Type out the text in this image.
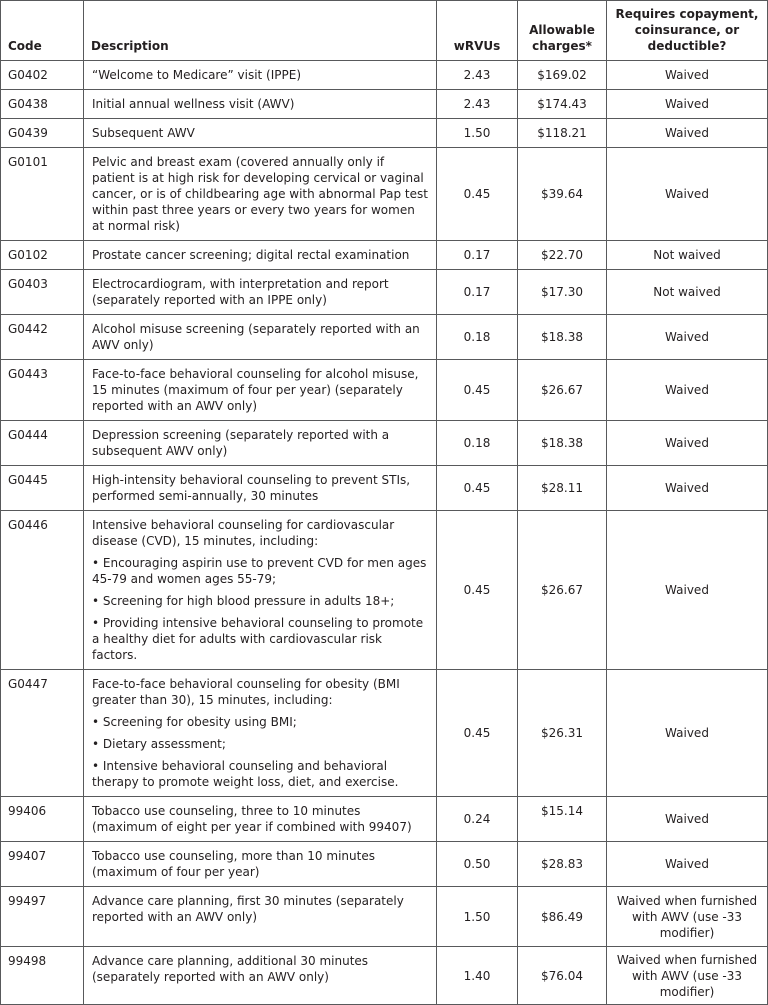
Code	Description	wRVUs	Allowable charges*	Requires copayment, coinsurance, or deductible?
G0402	“Welcome to Medicare” visit (IPPE)	2.43	$169.02	Waived
G0438	Initial annual wellness visit (AWV)	2.43	$174.43	Waived
G0439	Subsequent AWV	1.50	$118.21	Waived
G0101	Pelvic and breast exam (covered annually only if patient is at high risk for developing cervical or vaginal cancer, or is of childbearing age with abnormal Pap test within past three years or every two years for women at normal risk)	0.45	$39.64	Waived
G0102	Prostate cancer screening; digital rectal examination	0.17	$22.70	Not waived
G0403	Electrocardiogram, with interpretation and report (separately reported with an IPPE only)	0.17	$17.30	Not waived
G0442	Alcohol misuse screening (separately reported with an AWV only)	0.18	$18.38	Waived
G0443	Face-to-face behavioral counseling for alcohol misuse, 15 minutes (maximum of four per year) (separately reported with an AWV only)	0.45	$26.67	Waived
G0444	Depression screening (separately reported with a subsequent AWV only)	0.18	$18.38	Waived
G0445	High-intensity behavioral counseling to prevent STIs, performed semi-annually, 30 minutes	0.45	$28.11	Waived
G0446	Intensive behavioral counseling for cardiovascular disease (CVD), 15 minutes, including:
• Encouraging aspirin use to prevent CVD for men ages 45-79 and women ages 55-79;
• Screening for high blood pressure in adults 18+;
• Providing intensive behavioral counseling to promote a healthy diet for adults with cardiovascular risk factors.	0.45	$26.67	Waived
G0447	Face-to-face behavioral counseling for obesity (BMI greater than 30), 15 minutes, including:
• Screening for obesity using BMI;
• Dietary assessment;
• Intensive behavioral counseling and behavioral therapy to promote weight loss, diet, and exercise.	0.45	$26.31	Waived
99406	Tobacco use counseling, three to 10 minutes (maximum of eight per year if combined with 99407)	0.24	$15.14	Waived
99407	Tobacco use counseling, more than 10 minutes (maximum of four per year)	0.50	$28.83	Waived
99497	Advance care planning, first 30 minutes (separately reported with an AWV only)	1.50	$86.49	Waived when furnished with AWV (use -33 modifier)
99498	Advance care planning, additional 30 minutes (separately reported with an AWV only)	1.40	$76.04	Waived when furnished with AWV (use -33 modifier)
